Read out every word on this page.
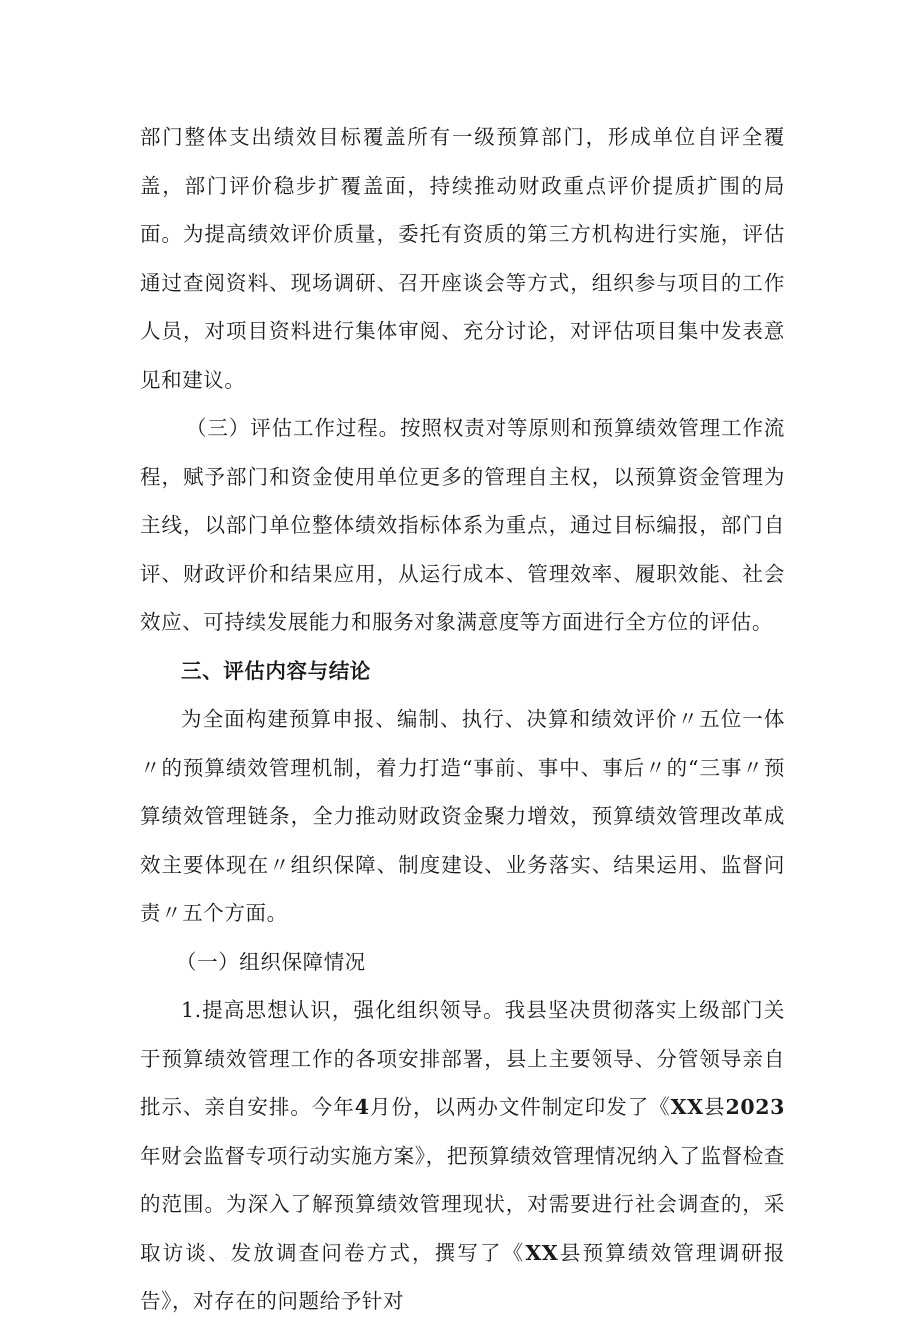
部门整体支出绩效目标覆盖所有一级预算部门，形成单位自评全覆盖，部门评价稳步扩覆盖面，持续推动财政重点评价提质扩围的局面。为提高绩效评价质量，委托有资质的第三方机构进行实施，评估通过查阅资料、现场调研、召开座谈会等方式，组织参与项目的工作人员，对项目资料进行集体审阅、充分讨论，对评估项目集中发表意见和建议。

（三）评估工作过程。按照权责对等原则和预算绩效管理工作流程，赋予部门和资金使用单位更多的管理自主权，以预算资金管理为主线，以部门单位整体绩效指标体系为重点，通过目标编报，部门自评、财政评价和结果应用，从运行成本、管理效率、履职效能、社会效应、可持续发展能力和服务对象满意度等方面进行全方位的评估。

三、评估内容与结论

为全面构建预算申报、编制、执行、决算和绩效评价〃五位一体〃的预算绩效管理机制，着力打造“事前、事中、事后〃的“三事〃预算绩效管理链条，全力推动财政资金聚力增效，预算绩效管理改革成效主要体现在〃组织保障、制度建设、业务落实、结果运用、监督问责〃五个方面。

（一）组织保障情况

1.提高思想认识，强化组织领导。我县坚决贯彻落实上级部门关于预算绩效管理工作的各项安排部署，县上主要领导、分管领导亲自批示、亲自安排。今年4月份，以两办文件制定印发了《XX县2023年财会监督专项行动实施方案》，把预算绩效管理情况纳入了监督检查的范围。为深入了解预算绩效管理现状，对需要进行社会调查的，采取访谈、发放调查问卷方式，撰写了《XX县预算绩效管理调研报告》，对存在的问题给予针对
